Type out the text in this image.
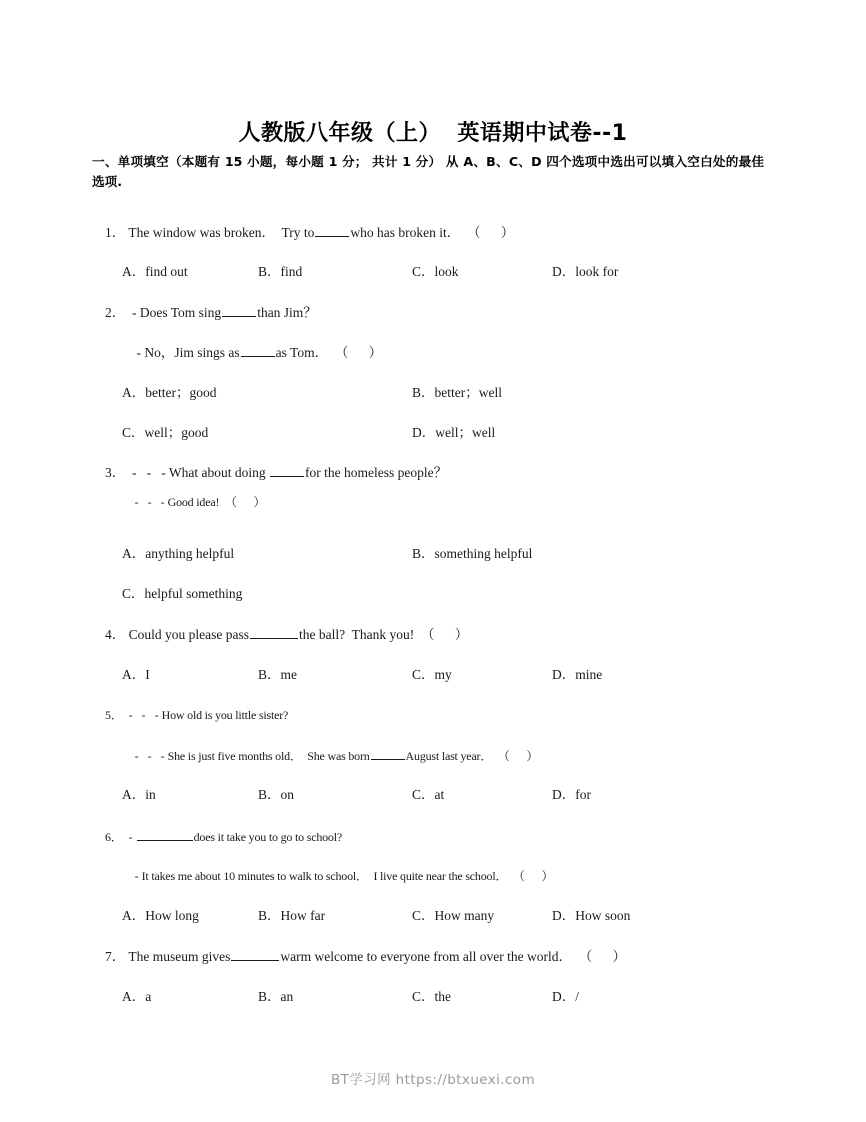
人教版八年级（上）  英语期中试卷--1
一、单项填空（本题有 15 小题，每小题 1 分； 共计 1 分） 从 A、B、C、D 四个选项中选出可以填入空白处的最佳选项.
1． The window was broken．  Try to	who has broken it．  （      ）
A．find out	B．find	C．look	D．look for
2．  - Does Tom sing	than Jim？
- No，Jim sings as	as Tom．  （      ）
A．better；good	B．better；well
C．well；good	D．well；well
3．  -   -   - What about doing	for the homeless people？
-   -   - Good idea!  （      ）
A．anything helpful	B．something helpful
C．helpful something
4． Could you please pass	the ball?  Thank you!  （      ）
A．I	B．me	C．my	D．mine
5．  -   -   - How old is you little sister?
-   -   - She is just five months old．  She was born	August last year．  （      ）
A．in	B．on	C．at	D．for
6．  -	does it take you to go to school?
- It takes me about 10 minutes to walk to school．  I live quite near the school．  （      ）
A．How long	B．How far	C．How many	D．How soon
7． The museum gives	warm welcome to everyone from all over the world．  （      ）
A．a	B．an	C．the	D．/
BT学习网 https://btxuexi.com
